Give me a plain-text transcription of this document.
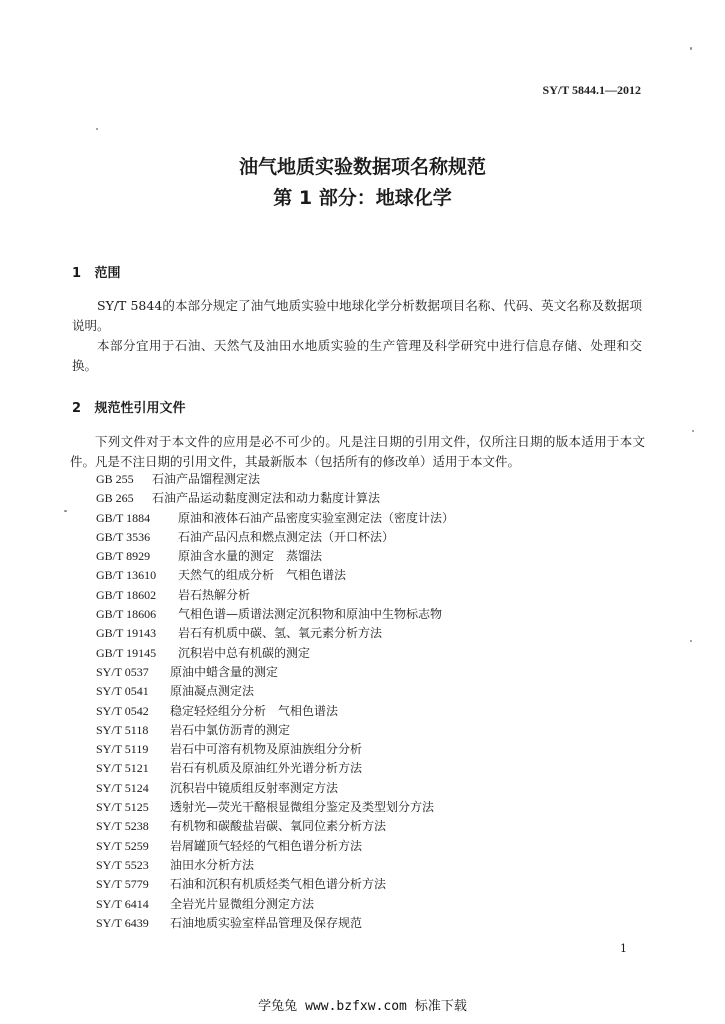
SY/T 5844.1—2012
油气地质实验数据项名称规范
第 1 部分：地球化学
1 范围

SY/T 5844的本部分规定了油气地质实验中地球化学分析数据项目名称、代码、英文名称及数据项说明。

本部分宜用于石油、天然气及油田水地质实验的生产管理及科学研究中进行信息存储、处理和交换。

2 规范性引用文件

下列文件对于本文件的应用是必不可少的。凡是注日期的引用文件，仅所注日期的版本适用于本文件。凡是不注日期的引用文件，其最新版本（包括所有的修改单）适用于本文件。

GB 255 石油产品馏程测定法
GB 265 石油产品运动黏度测定法和动力黏度计算法
GB/T 1884 原油和液体石油产品密度实验室测定法（密度计法）
GB/T 3536 石油产品闪点和燃点测定法（开口杯法）
GB/T 8929 原油含水量的测定　蒸馏法
GB/T 13610 天然气的组成分析　气相色谱法
GB/T 18602 岩石热解分析
GB/T 18606 气相色谱—质谱法测定沉积物和原油中生物标志物
GB/T 19143 岩石有机质中碳、氢、氧元素分析方法
GB/T 19145 沉积岩中总有机碳的测定
SY/T 0537 原油中蜡含量的测定
SY/T 0541 原油凝点测定法
SY/T 0542 稳定轻烃组分分析　气相色谱法
SY/T 5118 岩石中氯仿沥青的测定
SY/T 5119 岩石中可溶有机物及原油族组分分析
SY/T 5121 岩石有机质及原油红外光谱分析方法
SY/T 5124 沉积岩中镜质组反射率测定方法
SY/T 5125 透射光—荧光干酪根显微组分鉴定及类型划分方法
SY/T 5238 有机物和碳酸盐岩碳、氧同位素分析方法
SY/T 5259 岩屑罐顶气轻烃的气相色谱分析方法
SY/T 5523 油田水分析方法
SY/T 5779 石油和沉积有机质烃类气相色谱分析方法
SY/T 6414 全岩光片显微组分测定方法
SY/T 6439 石油地质实验室样品管理及保存规范
1
学兔兔 www.bzfxw.com 标准下载
